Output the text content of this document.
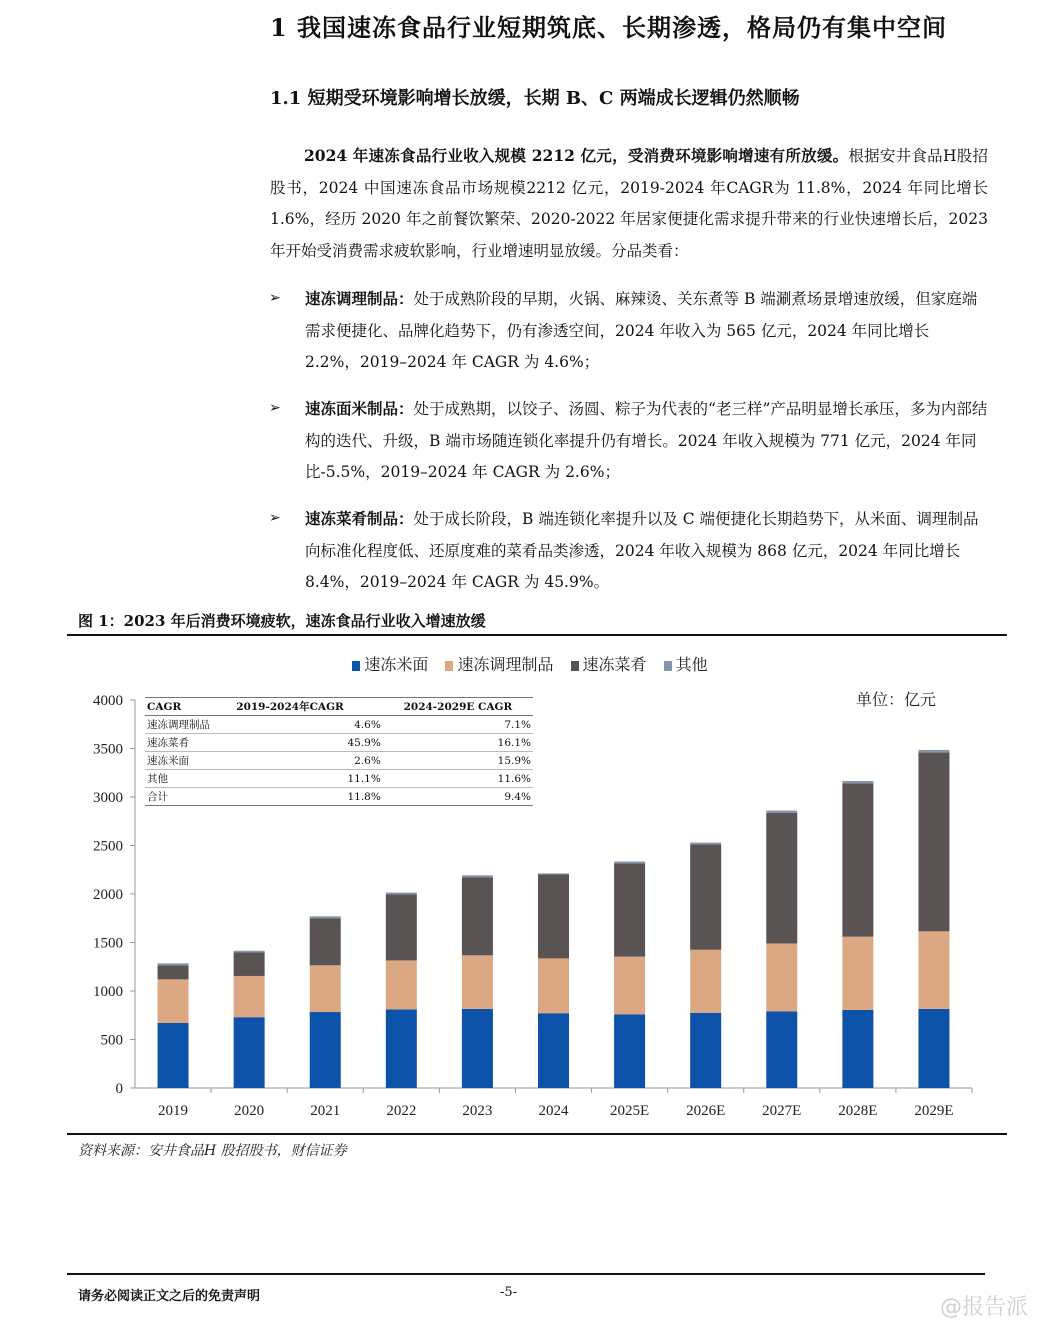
1 我国速冻食品行业短期筑底、长期渗透，格局仍有集中空间
1.1 短期受环境影响增长放缓，长期 B、C 两端成长逻辑仍然顺畅
2024 年速冻食品行业收入规模 2212 亿元，受消费环境影响增速有所放缓。根据安井食品H股招股书，2024 中国速冻食品市场规模2212 亿元，2019-2024 年CAGR为 11.8%，2024 年同比增长 1.6%，经历 2020 年之前餐饮繁荣、2020-2022 年居家便捷化需求提升带来的行业快速增长后，2023 年开始受消费需求疲软影响，行业增速明显放缓。分品类看：
➢ 速冻调理制品：处于成熟阶段的早期，火锅、麻辣烫、关东煮等 B 端涮煮场景增速放缓，但家庭端需求便捷化、品牌化趋势下，仍有渗透空间，2024 年收入为 565 亿元，2024 年同比增长 2.2%，2019–2024 年 CAGR 为 4.6%；
➢ 速冻面米制品：处于成熟期，以饺子、汤圆、粽子为代表的“老三样”产品明显增长承压，多为内部结构的迭代、升级，B 端市场随连锁化率提升仍有增长。2024 年收入规模为 771 亿元，2024 年同比-5.5%，2019–2024 年 CAGR 为 2.6%；
➢ 速冻菜肴制品：处于成长阶段，B 端连锁化率提升以及 C 端便捷化长期趋势下，从米面、调理制品向标准化程度低、还原度难的菜肴品类渗透，2024 年收入规模为 868 亿元，2024 年同比增长 8.4%，2019–2024 年 CAGR 为 45.9%。
图 1：2023 年后消费环境疲软，速冻食品行业收入增速放缓
速冻米面 速冻调理制品 速冻菜肴 其他
单位：亿元
0
500
1000
1500
2000
2500
3000
3500
4000
2019	2020	2021	2022	2023	2024	2025E 2026E 2027E 2028E 2029E
CAGR	2019-2024年CAGR	2024-2029E CAGR
速冻调理制品	4.6%	7.1%
速冻菜肴	45.9%	16.1%
速冻米面	2.6%	15.9%
其他	11.1%	11.6%
合计	11.8%	9.4%
资料来源：安井食品H 股招股书，财信证券
请务必阅读正文之后的免责声明	-5-
@报告派
